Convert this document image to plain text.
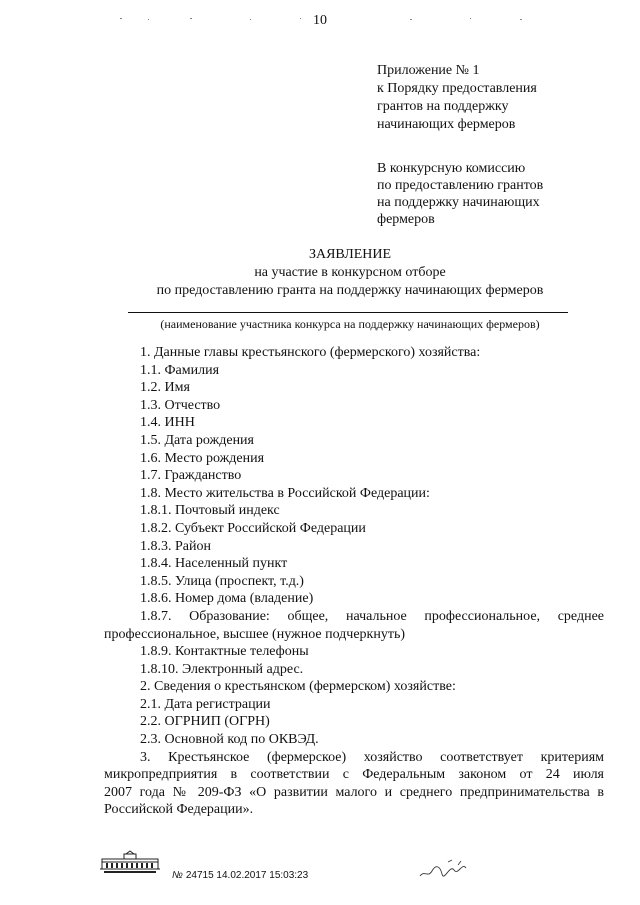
10
Приложение № 1
к Порядку предоставления
грантов на поддержку
начинающих фермеров
В конкурсную комиссию
по предоставлению грантов
на поддержку начинающих
фермеров
ЗАЯВЛЕНИЕ
на участие в конкурсном отборе
по предоставлению гранта на поддержку начинающих фермеров
(наименование участника конкурса на поддержку начинающих фермеров)
1. Данные главы крестьянского (фермерского) хозяйства:
1.1. Фамилия
1.2. Имя
1.3. Отчество
1.4. ИНН
1.5. Дата рождения
1.6. Место рождения
1.7. Гражданство
1.8. Место жительства в Российской Федерации:
1.8.1. Почтовый индекс
1.8.2. Субъект Российской Федерации
1.8.3. Район
1.8.4. Населенный пункт
1.8.5. Улица (проспект, т.д.)
1.8.6. Номер дома (владение)
1.8.7. Образование: общее, начальное профессиональное, среднее
профессиональное, высшее (нужное подчеркнуть)
1.8.9. Контактные телефоны
1.8.10. Электронный адрес.
2. Сведения о крестьянском (фермерском) хозяйстве:
2.1. Дата регистрации
2.2. ОГРНИП (ОГРН)
2.3. Основной код по ОКВЭД.
3. Крестьянское (фермерское) хозяйство соответствует критериям
микропредприятия в соответствии с Федеральным законом от 24 июля
2007 года № 209-ФЗ «О развитии малого и среднего предпринимательства в
Российской Федерации».
№ 24715 14.02.2017 15:03:23
